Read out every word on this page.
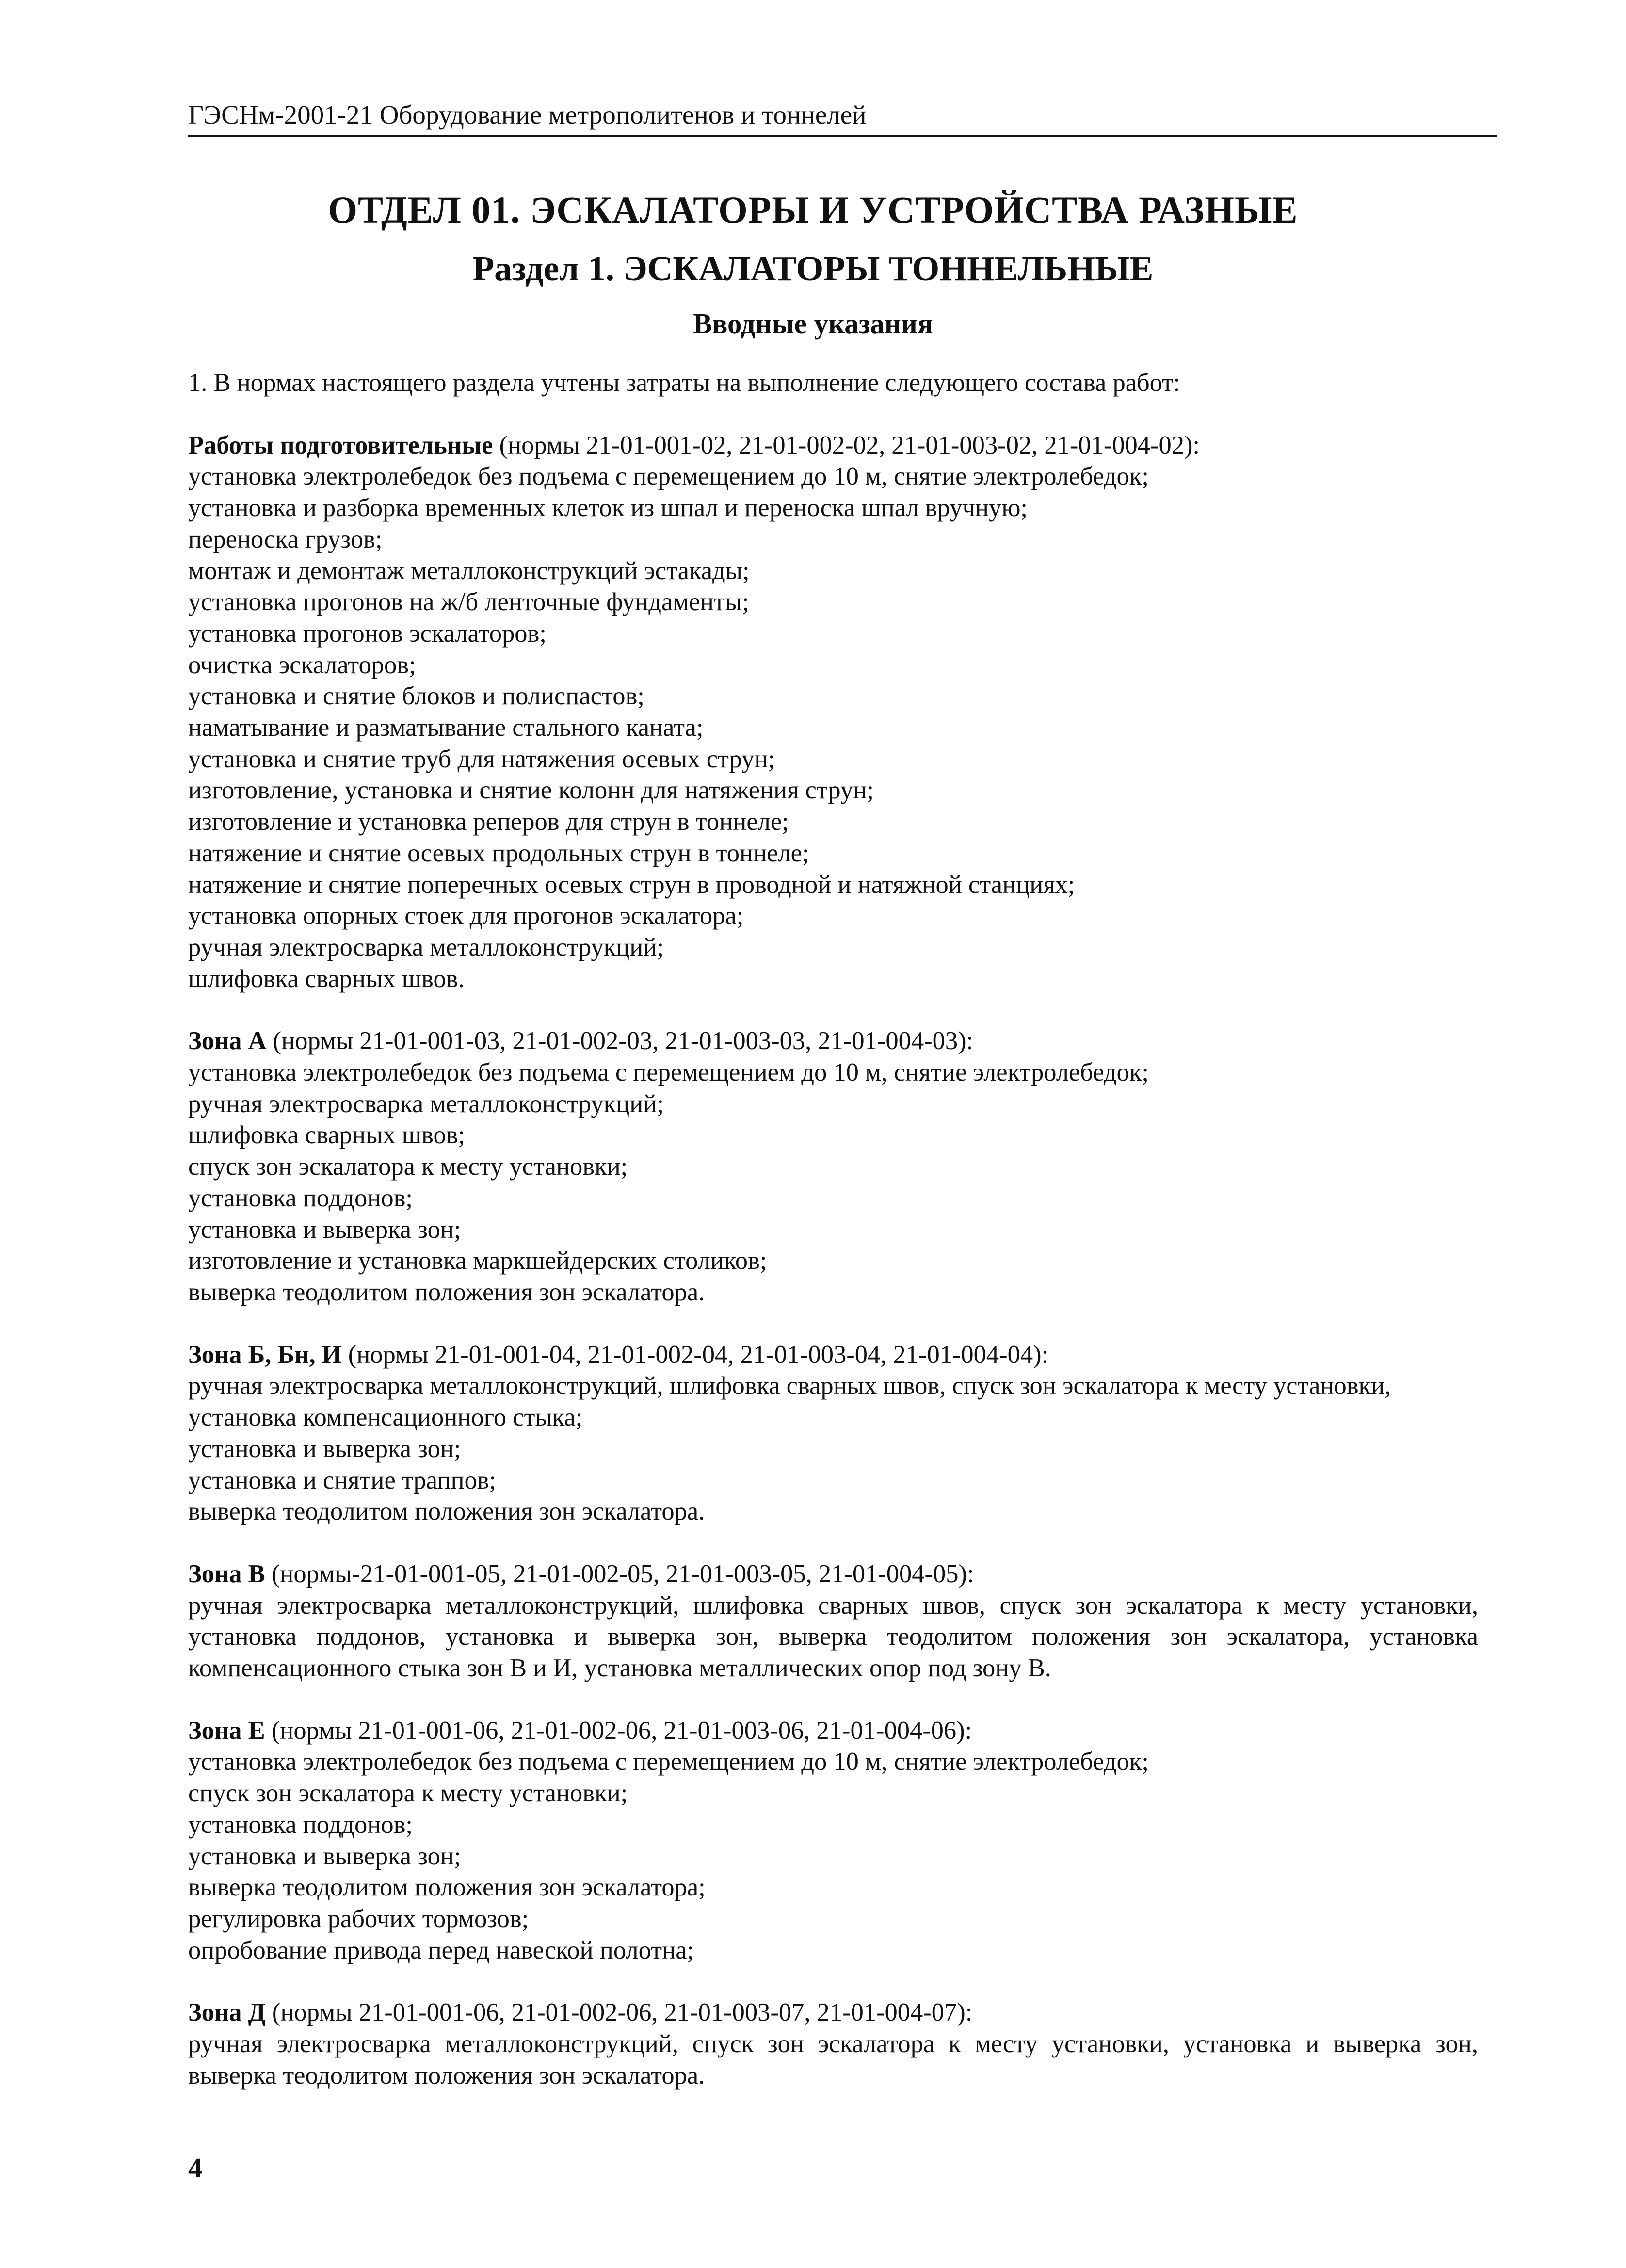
ГЭСНм-2001-21 Оборудование метрополитенов и тоннелей
ОТДЕЛ 01. ЭСКАЛАТОРЫ И УСТРОЙСТВА РАЗНЫЕ
Раздел 1. ЭСКАЛАТОРЫ ТОННЕЛЬНЫЕ
Вводные указания
1. В нормах настоящего раздела учтены затраты на выполнение следующего состава работ:
Работы подготовительные (нормы 21-01-001-02, 21-01-002-02, 21-01-003-02, 21-01-004-02):
установка электролебедок без подъема с перемещением до 10 м, снятие электролебедок;
установка и разборка временных клеток из шпал и переноска шпал вручную;
переноска грузов;
монтаж и демонтаж металлоконструкций эстакады;
установка прогонов на ж/б ленточные фундаменты;
установка прогонов эскалаторов;
очистка эскалаторов;
установка и снятие блоков и полиспастов;
наматывание и разматывание стального каната;
установка и снятие труб для натяжения осевых струн;
изготовление, установка и снятие колонн для натяжения струн;
изготовление и установка реперов для струн в тоннеле;
натяжение и снятие осевых продольных струн в тоннеле;
натяжение и снятие поперечных осевых струн в проводной и натяжной станциях;
установка опорных стоек для прогонов эскалатора;
ручная электросварка металлоконструкций;
шлифовка сварных швов.
Зона А (нормы 21-01-001-03, 21-01-002-03, 21-01-003-03, 21-01-004-03):
установка электролебедок без подъема с перемещением до 10 м, снятие электролебедок;
ручная электросварка металлоконструкций;
шлифовка сварных швов;
спуск зон эскалатора к месту установки;
установка поддонов;
установка и выверка зон;
изготовление и установка маркшейдерских столиков;
выверка теодолитом положения зон эскалатора.
Зона Б, Бн, И (нормы 21-01-001-04, 21-01-002-04, 21-01-003-04, 21-01-004-04):
ручная электросварка металлоконструкций, шлифовка сварных швов, спуск зон эскалатора к месту установки,
установка компенсационного стыка;
установка и выверка зон;
установка и снятие траппов;
выверка теодолитом положения зон эскалатора.
Зона В (нормы-21-01-001-05, 21-01-002-05, 21-01-003-05, 21-01-004-05):
ручная электросварка металлоконструкций, шлифовка сварных швов, спуск зон эскалатора к месту установки, установка поддонов, установка и выверка зон, выверка теодолитом положения зон эскалатора, установка компенсационного стыка зон В и И, установка металлических опор под зону В.
Зона Е (нормы 21-01-001-06, 21-01-002-06, 21-01-003-06, 21-01-004-06):
установка электролебедок без подъема с перемещением до 10 м, снятие электролебедок;
спуск зон эскалатора к месту установки;
установка поддонов;
установка и выверка зон;
выверка теодолитом положения зон эскалатора;
регулировка рабочих тормозов;
опробование привода перед навеской полотна;
Зона Д (нормы 21-01-001-06, 21-01-002-06, 21-01-003-07, 21-01-004-07):
ручная электросварка металлоконструкций, спуск зон эскалатора к месту установки, установка и выверка зон, выверка теодолитом положения зон эскалатора.
4
